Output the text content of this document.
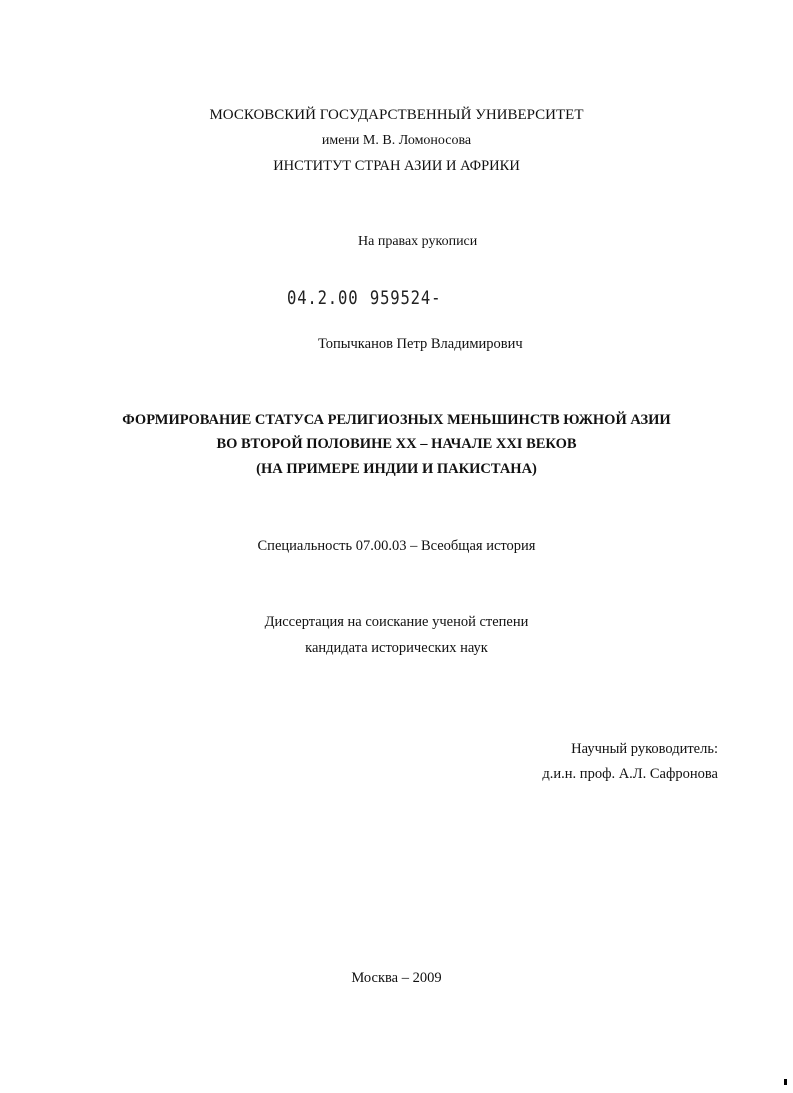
МОСКОВСКИЙ ГОСУДАРСТВЕННЫЙ УНИВЕРСИТЕТ
имени М. В. Ломоносова
ИНСТИТУТ СТРАН АЗИИ И АФРИКИ
На правах рукописи
04.2.00 959524-
Топычканов Петр Владимирович
ФОРМИРОВАНИЕ СТАТУСА РЕЛИГИОЗНЫХ МЕНЬШИНСТВ ЮЖНОЙ АЗИИ
ВО ВТОРОЙ ПОЛОВИНЕ XX – НАЧАЛЕ XXI ВЕКОВ
(НА ПРИМЕРЕ ИНДИИ И ПАКИСТАНА)
Специальность 07.00.03 – Всеобщая история
Диссертация на соискание ученой степени
кандидата исторических наук
Научный руководитель:
д.и.н. проф. А.Л. Сафронова
Москва – 2009
